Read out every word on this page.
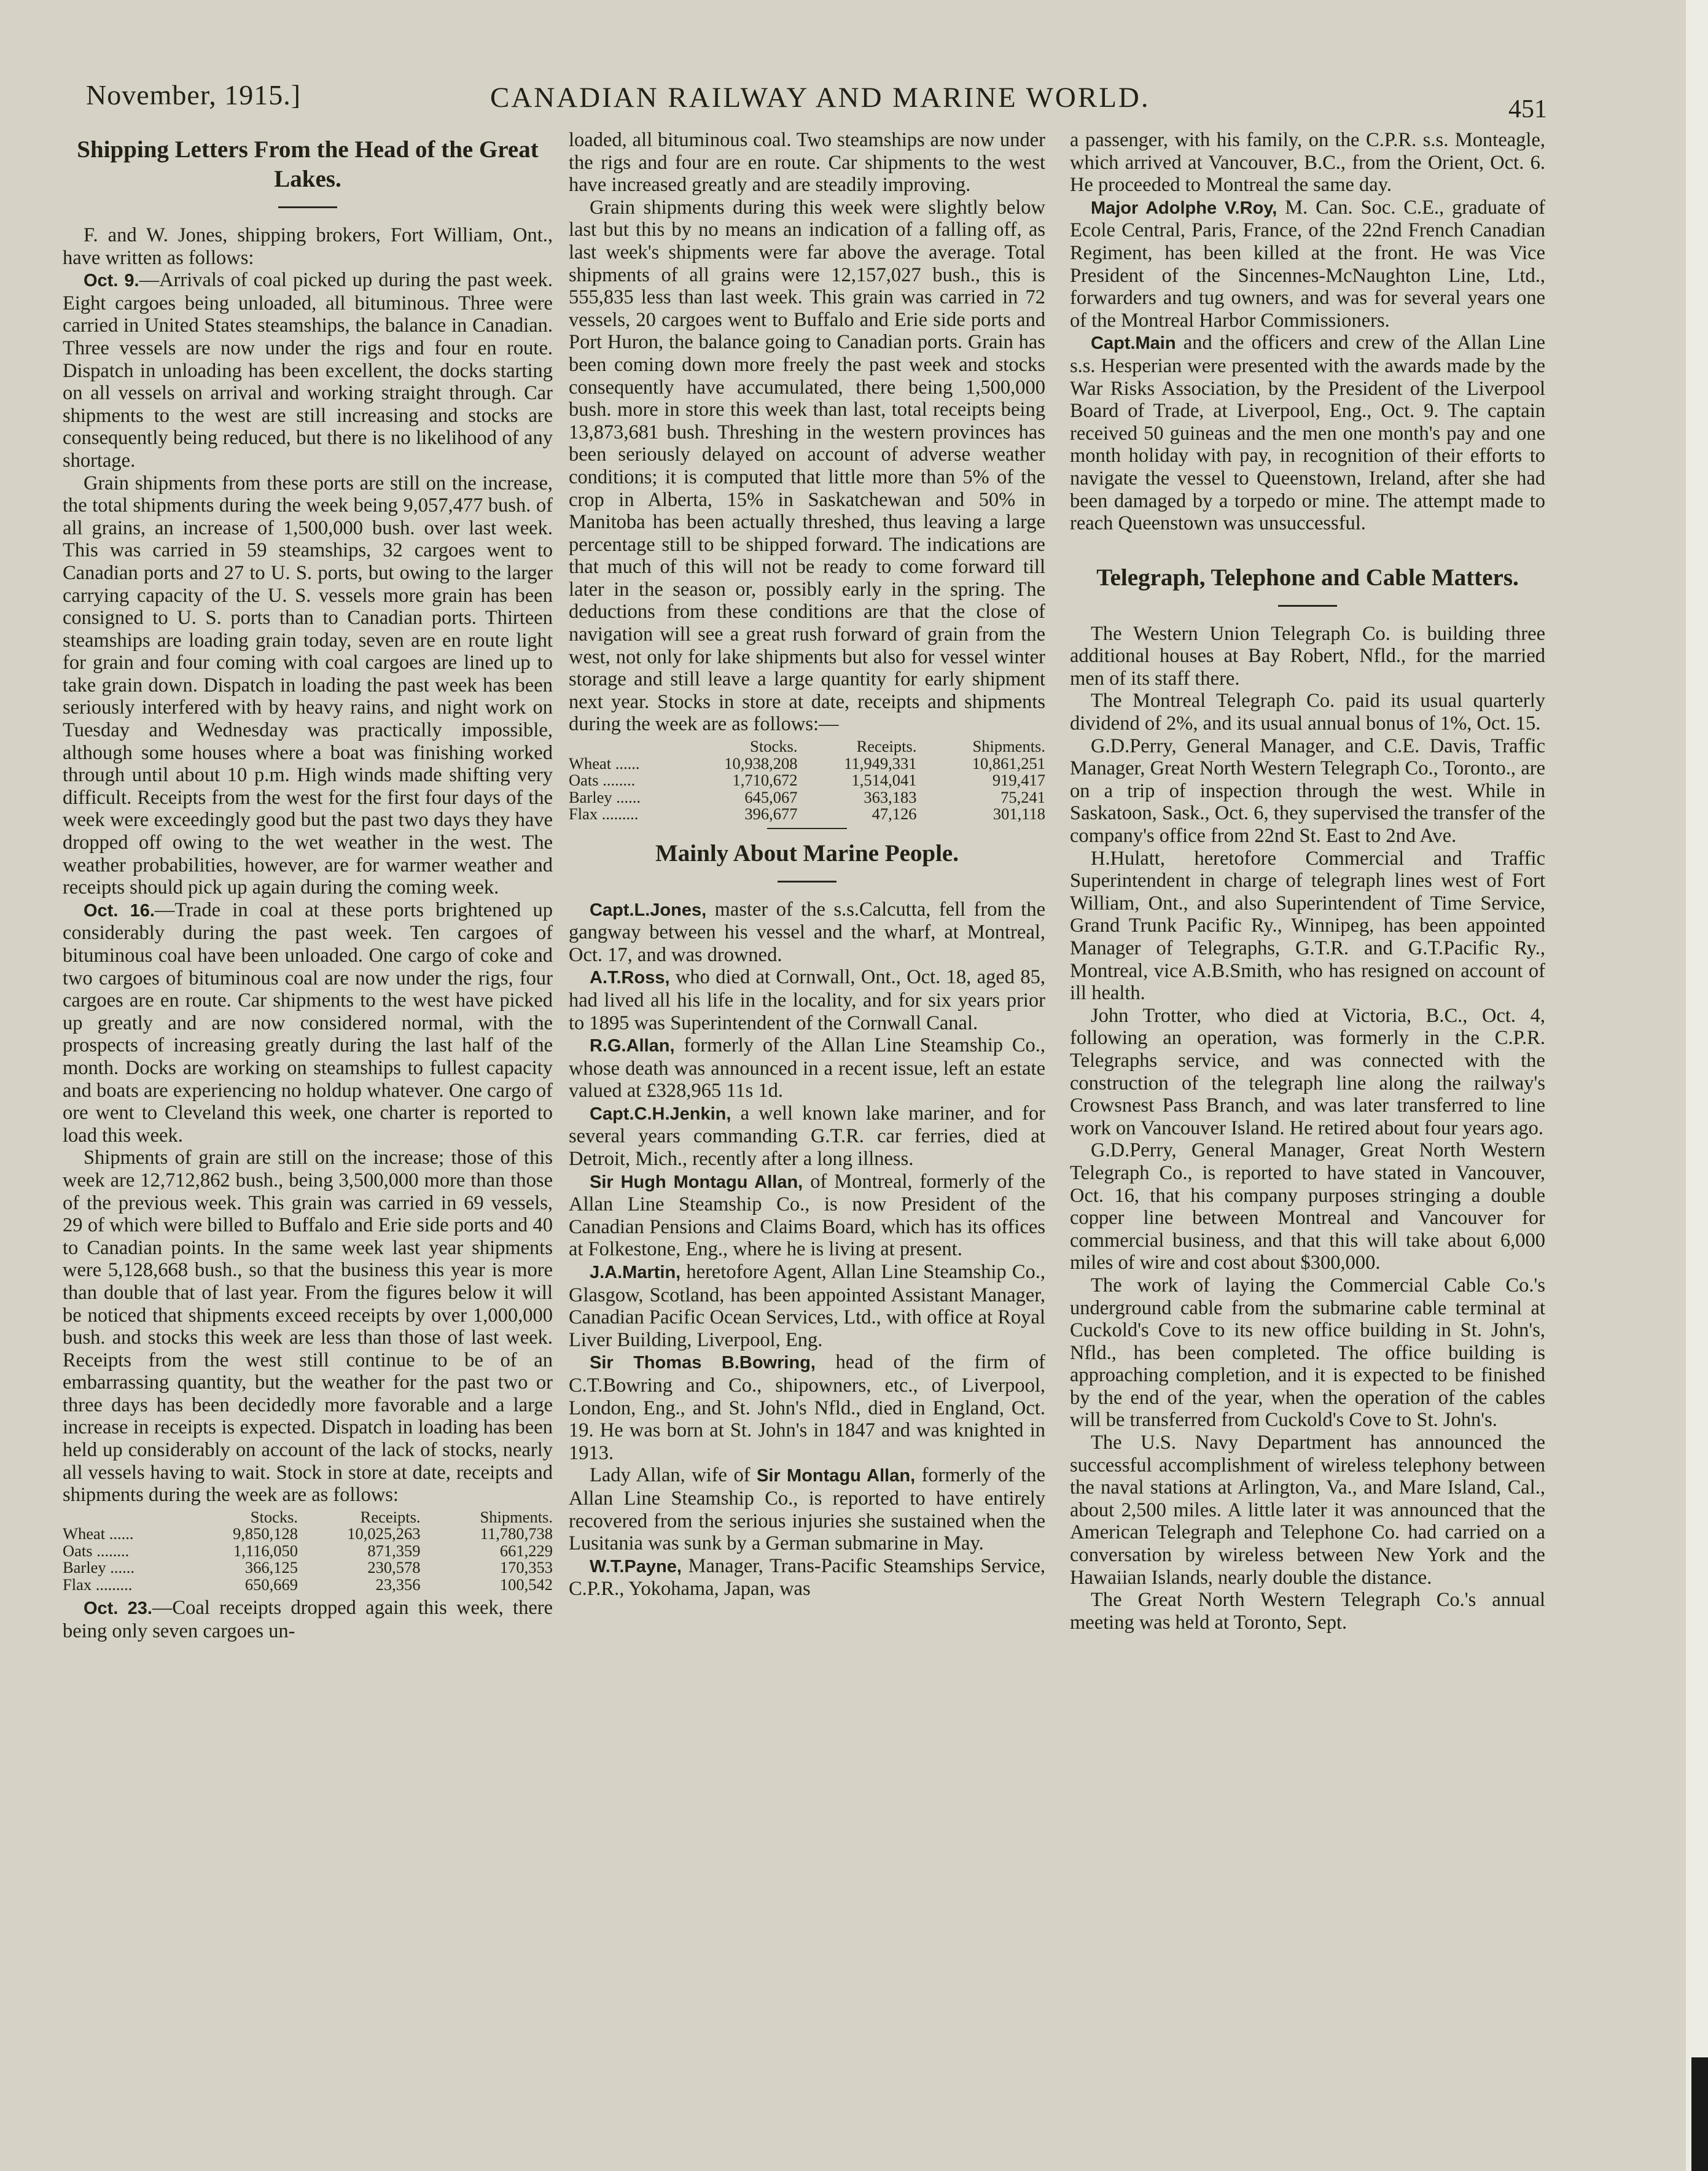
November, 1915.]	CANADIAN RAILWAY AND MARINE WORLD.	451
Shipping Letters From the Head of the Great Lakes.

F. and W. Jones, shipping brokers, Fort William, Ont., have written as follows:

Oct. 9.—Arrivals of coal picked up during the past week. Eight cargoes being unloaded, all bituminous. Three were carried in United States steamships, the balance in Canadian. Three vessels are now under the rigs and four en route. Dispatch in unloading has been excellent, the docks starting on all vessels on arrival and working straight through. Car shipments to the west are still increasing and stocks are consequently being reduced, but there is no likelihood of any shortage.

Grain shipments from these ports are still on the increase, the total shipments during the week being 9,057,477 bush. of all grains, an increase of 1,500,000 bush. over last week. This was carried in 59 steamships, 32 cargoes went to Canadian ports and 27 to U. S. ports, but owing to the larger carrying capacity of the U. S. vessels more grain has been consigned to U. S. ports than to Canadian ports. Thirteen steamships are loading grain today, seven are en route light for grain and four coming with coal cargoes are lined up to take grain down. Dispatch in loading the past week has been seriously interfered with by heavy rains, and night work on Tuesday and Wednesday was practically impossible, although some houses where a boat was finishing worked through until about 10 p.m. High winds made shifting very difficult. Receipts from the west for the first four days of the week were exceedingly good but the past two days they have dropped off owing to the wet weather in the west. The weather probabilities, however, are for warmer weather and receipts should pick up again during the coming week.

Oct. 16.—Trade in coal at these ports brightened up considerably during the past week. Ten cargoes of bituminous coal have been unloaded. One cargo of coke and two cargoes of bituminous coal are now under the rigs, four cargoes are en route. Car shipments to the west have picked up greatly and are now considered normal, with the prospects of increasing greatly during the last half of the month. Docks are working on steamships to fullest capacity and boats are experiencing no holdup whatever. One cargo of ore went to Cleveland this week, one charter is reported to load this week.

Shipments of grain are still on the increase; those of this week are 12,712,862 bush., being 3,500,000 more than those of the previous week. This grain was carried in 69 vessels, 29 of which were billed to Buffalo and Erie side ports and 40 to Canadian points. In the same week last year shipments were 5,128,668 bush., so that the business this year is more than double that of last year. From the figures below it will be noticed that shipments exceed receipts by over 1,000,000 bush. and stocks this week are less than those of last week. Receipts from the west still continue to be of an embarrassing quantity, but the weather for the past two or three days has been decidedly more favorable and a large increase in receipts is expected. Dispatch in loading has been held up considerably on account of the lack of stocks, nearly all vessels having to wait. Stock in store at date, receipts and shipments during the week are as follows:

	Stocks.	Receipts.	Shipments.
Wheat ......	9,850,128	10,025,263	11,780,738
Oats ........	1,116,050	871,359	661,229
Barley ......	366,125	230,578	170,353
Flax .........	650,669	23,356	100,542

Oct. 23.—Coal receipts dropped again this week, there being only seven cargoes un-

loaded, all bituminous coal. Two steamships are now under the rigs and four are en route. Car shipments to the west have increased greatly and are steadily improving.

Grain shipments during this week were slightly below last but this by no means an indication of a falling off, as last week's shipments were far above the average. Total shipments of all grains were 12,157,027 bush., this is 555,835 less than last week. This grain was carried in 72 vessels, 20 cargoes went to Buffalo and Erie side ports and Port Huron, the balance going to Canadian ports. Grain has been coming down more freely the past week and stocks consequently have accumulated, there being 1,500,000 bush. more in store this week than last, total receipts being 13,873,681 bush. Threshing in the western provinces has been seriously delayed on account of adverse weather conditions; it is computed that little more than 5% of the crop in Alberta, 15% in Saskatchewan and 50% in Manitoba has been actually threshed, thus leaving a large percentage still to be shipped forward. The indications are that much of this will not be ready to come forward till later in the season or, possibly early in the spring. The deductions from these conditions are that the close of navigation will see a great rush forward of grain from the west, not only for lake shipments but also for vessel winter storage and still leave a large quantity for early shipment next year. Stocks in store at date, receipts and shipments during the week are as follows:—

	Stocks.	Receipts.	Shipments.
Wheat ......	10,938,208	11,949,331	10,861,251
Oats ........	1,710,672	1,514,041	919,417
Barley ......	645,067	363,183	75,241
Flax .........	396,677	47,126	301,118
Mainly About Marine People.

Capt.L.Jones, master of the s.s.Calcutta, fell from the gangway between his vessel and the wharf, at Montreal, Oct. 17, and was drowned.

A.T.Ross, who died at Cornwall, Ont., Oct. 18, aged 85, had lived all his life in the locality, and for six years prior to 1895 was Superintendent of the Cornwall Canal.

R.G.Allan, formerly of the Allan Line Steamship Co., whose death was announced in a recent issue, left an estate valued at £328,965 11s 1d.

Capt.C.H.Jenkin, a well known lake mariner, and for several years commanding G.T.R. car ferries, died at Detroit, Mich., recently after a long illness.

Sir Hugh Montagu Allan, of Montreal, formerly of the Allan Line Steamship Co., is now President of the Canadian Pensions and Claims Board, which has its offices at Folkestone, Eng., where he is living at present.

J.A.Martin, heretofore Agent, Allan Line Steamship Co., Glasgow, Scotland, has been appointed Assistant Manager, Canadian Pacific Ocean Services, Ltd., with office at Royal Liver Building, Liverpool, Eng.

Sir Thomas B.Bowring, head of the firm of C.T.Bowring and Co., shipowners, etc., of Liverpool, London, Eng., and St. John's Nfld., died in England, Oct. 19. He was born at St. John's in 1847 and was knighted in 1913.

Lady Allan, wife of Sir Montagu Allan, formerly of the Allan Line Steamship Co., is reported to have entirely recovered from the serious injuries she sustained when the Lusitania was sunk by a German submarine in May.

W.T.Payne, Manager, Trans-Pacific Steamships Service, C.P.R., Yokohama, Japan, was

a passenger, with his family, on the C.P.R. s.s. Monteagle, which arrived at Vancouver, B.C., from the Orient, Oct. 6. He proceeded to Montreal the same day.

Major Adolphe V.Roy, M. Can. Soc. C.E., graduate of Ecole Central, Paris, France, of the 22nd French Canadian Regiment, has been killed at the front. He was Vice President of the Sincennes-McNaughton Line, Ltd., forwarders and tug owners, and was for several years one of the Montreal Harbor Commissioners.

Capt.Main and the officers and crew of the Allan Line s.s. Hesperian were presented with the awards made by the War Risks Association, by the President of the Liverpool Board of Trade, at Liverpool, Eng., Oct. 9. The captain received 50 guineas and the men one month's pay and one month holiday with pay, in recognition of their efforts to navigate the vessel to Queenstown, Ireland, after she had been damaged by a torpedo or mine. The attempt made to reach Queenstown was unsuccessful.

Telegraph, Telephone and Cable Matters.

The Western Union Telegraph Co. is building three additional houses at Bay Robert, Nfld., for the married men of its staff there.

The Montreal Telegraph Co. paid its usual quarterly dividend of 2%, and its usual annual bonus of 1%, Oct. 15.

G.D.Perry, General Manager, and C.E. Davis, Traffic Manager, Great North Western Telegraph Co., Toronto., are on a trip of inspection through the west. While in Saskatoon, Sask., Oct. 6, they supervised the transfer of the company's office from 22nd St. East to 2nd Ave.

H.Hulatt, heretofore Commercial and Traffic Superintendent in charge of telegraph lines west of Fort William, Ont., and also Superintendent of Time Service, Grand Trunk Pacific Ry., Winnipeg, has been appointed Manager of Telegraphs, G.T.R. and G.T.Pacific Ry., Montreal, vice A.B.Smith, who has resigned on account of ill health.

John Trotter, who died at Victoria, B.C., Oct. 4, following an operation, was formerly in the C.P.R. Telegraphs service, and was connected with the construction of the telegraph line along the railway's Crowsnest Pass Branch, and was later transferred to line work on Vancouver Island. He retired about four years ago.

G.D.Perry, General Manager, Great North Western Telegraph Co., is reported to have stated in Vancouver, Oct. 16, that his company purposes stringing a double copper line between Montreal and Vancouver for commercial business, and that this will take about 6,000 miles of wire and cost about $300,000.

The work of laying the Commercial Cable Co.'s underground cable from the submarine cable terminal at Cuckold's Cove to its new office building in St. John's, Nfld., has been completed. The office building is approaching completion, and it is expected to be finished by the end of the year, when the operation of the cables will be transferred from Cuckold's Cove to St. John's.

The U.S. Navy Department has announced the successful accomplishment of wireless telephony between the naval stations at Arlington, Va., and Mare Island, Cal., about 2,500 miles. A little later it was announced that the American Telegraph and Telephone Co. had carried on a conversation by wireless between New York and the Hawaiian Islands, nearly double the distance.

The Great North Western Telegraph Co.'s annual meeting was held at Toronto, Sept.
